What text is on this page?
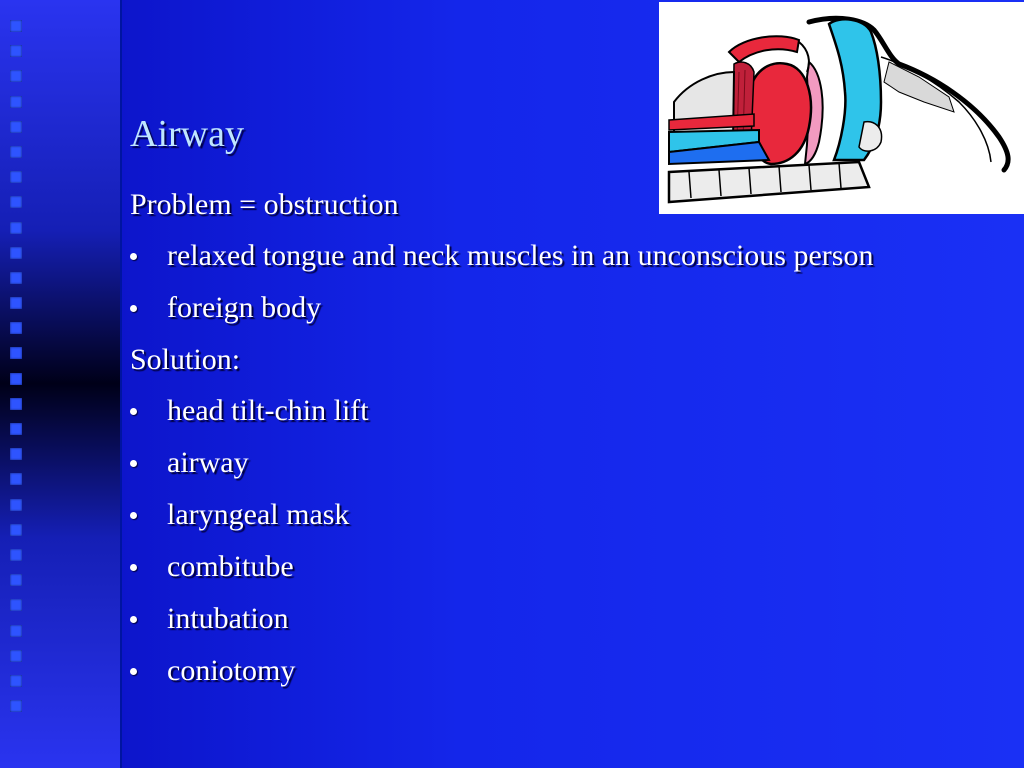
Airway
Problem = obstruction
relaxed tongue and neck muscles in an unconscious person
foreign body
Solution:
head tilt-chin lift
airway
laryngeal mask
combitube
intubation
coniotomy
